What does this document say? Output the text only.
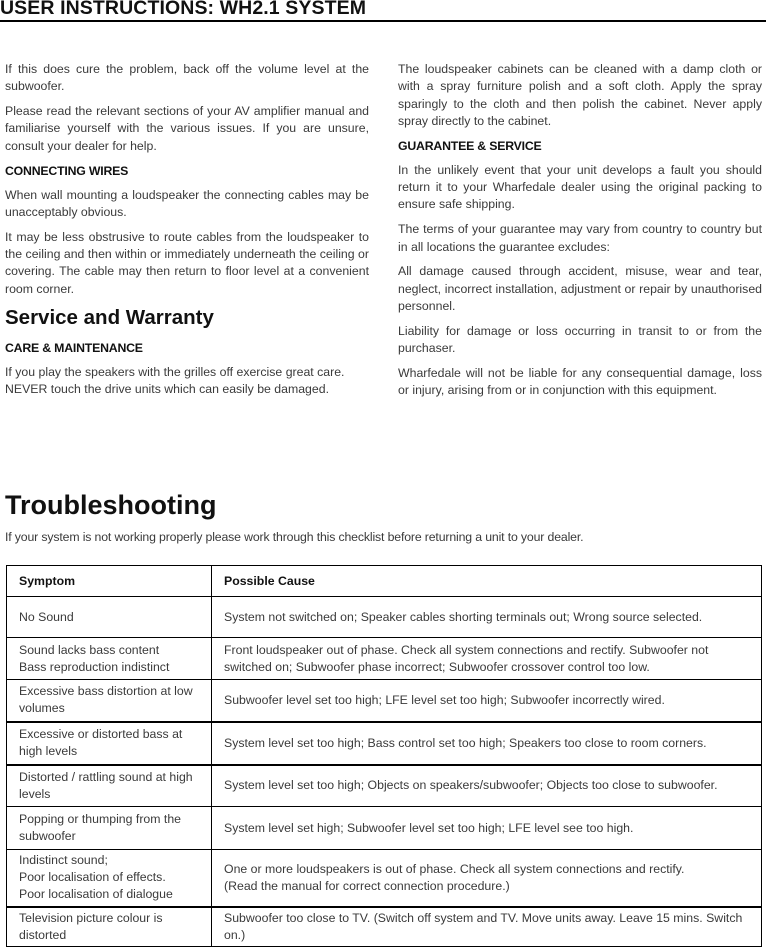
USER INSTRUCTIONS: WH2.1 SYSTEM

If this does cure the problem, back off the volume level at the subwoofer.

Please read the relevant sections of your AV amplifier manual and familiarise yourself with the various issues. If you are unsure, consult your dealer for help.

CONNECTING WIRES

When wall mounting a loudspeaker the connecting cables may be unacceptably obvious.

It may be less obstrusive to route cables from the loudspeaker to the ceiling and then within or immediately underneath the ceiling or covering. The cable may then return to floor level at a convenient room corner.

Service and Warranty
CARE & MAINTENANCE

If you play the speakers with the grilles off exercise great care. NEVER touch the drive units which can easily be damaged.

The loudspeaker cabinets can be cleaned with a damp cloth or with a spray furniture polish and a soft cloth. Apply the spray sparingly to the cloth and then polish the cabinet. Never apply spray directly to the cabinet.

GUARANTEE & SERVICE

In the unlikely event that your unit develops a fault you should return it to your Wharfedale dealer using the original packing to ensure safe shipping.

The terms of your guarantee may vary from country to country but in all locations the guarantee excludes:

All damage caused through accident, misuse, wear and tear, neglect, incorrect installation, adjustment or repair by unauthorised personnel.

Liability for damage or loss occurring in transit to or from the purchaser.

Wharfedale will not be liable for any consequential damage, loss or injury, arising from or in conjunction with this equipment.

Troubleshooting
If your system is not working properly please work through this checklist before returning a unit to your dealer.
Symptom	Possible Cause

No Sound	System not switched on; Speaker cables shorting terminals out; Wrong source selected.

Sound lacks bass content
Bass reproduction indistinct	Front loudspeaker out of phase. Check all system connections and rectify. Subwoofer not switched on; Subwoofer phase incorrect; Subwoofer crossover control too low.

Excessive bass distortion at low volumes	Subwoofer level set too high; LFE level set too high; Subwoofer incorrectly wired.

Excessive or distorted bass at high levels	System level set too high; Bass control set too high; Speakers too close to room corners.

Distorted / rattling sound at high levels	System level set too high; Objects on speakers/subwoofer; Objects too close to subwoofer.

Popping or thumping from the subwoofer	System level set high; Subwoofer level set too high; LFE level see too high.

Indistinct sound;
Poor localisation of effects.
Poor localisation of dialogue	One or more loudspeakers is out of phase. Check all system connections and rectify.
(Read the manual for correct connection procedure.)

Television picture colour is distorted	Subwoofer too close to TV. (Switch off system and TV. Move units away. Leave 15 mins. Switch on.)
